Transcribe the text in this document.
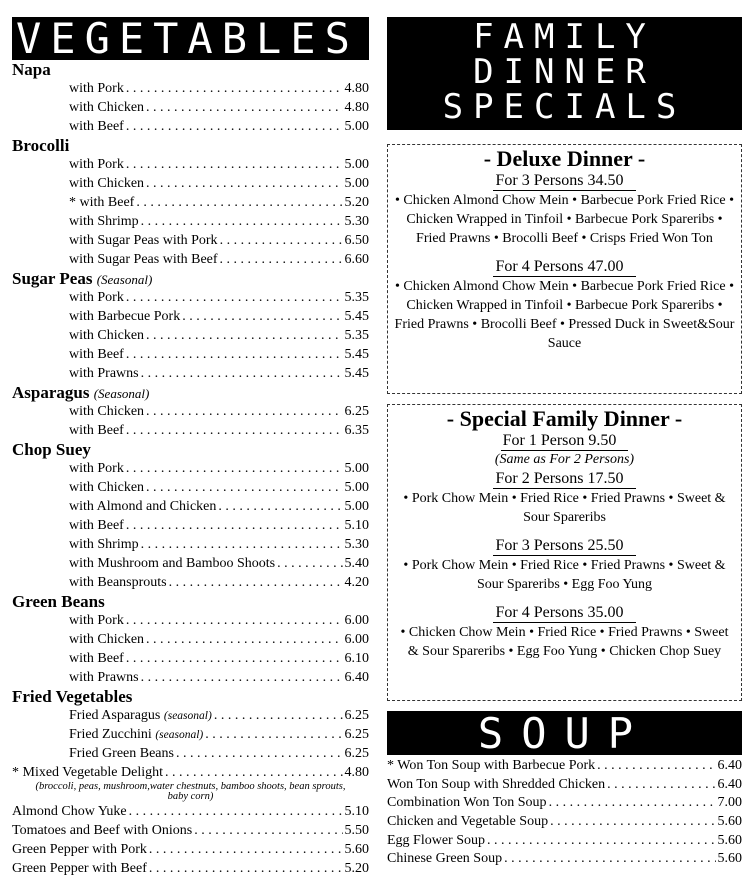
VEGETABLES
Napa
with Pork . . .	4.80
with Chicken . . .	4.80
with Beef . . .	5.00
Brocolli
with Pork . . .	5.00
with Chicken . . .	5.00
* with Beef . . .	5.20
with Shrimp . . .	5.30
with Sugar Peas with Pork . . .	6.50
with Sugar Peas with Beef . . .	6.60
Sugar Peas (Seasonal)
with Pork . . .	5.35
with Barbecue Pork . . .	5.45
with Chicken . . .	5.35
with Beef . . .	5.45
with Prawns . . .	5.45
Asparagus (Seasonal)
with Chicken . . .	6.25
with Beef . . .	6.35
Chop Suey
with Pork . . .	5.00
with Chicken . . .	5.00
with Almond and Chicken . . .	5.00
with Beef . . .	5.10
with Shrimp . . .	5.30
with Mushroom and Bamboo Shoots . . .	5.40
with Beansprouts . . .	4.20
Green Beans
with Pork . . .	6.00
with Chicken . . .	6.00
with Beef . . .	6.10
with Prawns . . .	6.40
Fried Vegetables
Fried Asparagus (seasonal) . . .	6.25
Fried Zucchini (seasonal) . . .	6.25
Fried Green Beans . . .	6.25
* Mixed Vegetable Delight . . .	4.80
(broccoli, peas, mushroom,water chestnuts, bamboo shoots, bean sprouts, baby corn)
Almond Chow Yuke . . .	5.10
Tomatoes and Beef with Onions . . .	5.50
Green Pepper with Pork . . .	5.60
Green Pepper with Beef . . .	5.20
FAMILY
DINNER
SPECIALS
- Deluxe Dinner -
For 3 Persons 34.50
• Chicken Almond Chow Mein • Barbecue Pork Fried Rice • Chicken Wrapped in Tinfoil • Barbecue Pork Spareribs • Fried Prawns • Brocolli Beef • Crisps Fried Won Ton
For 4 Persons 47.00
• Chicken Almond Chow Mein • Barbecue Pork Fried Rice • Chicken Wrapped in Tinfoil • Barbecue Pork Spareribs • Fried Prawns • Brocolli Beef • Pressed Duck in Sweet&Sour Sauce
- Special Family Dinner -
For 1 Person 9.50
(Same as For 2 Persons)
For 2 Persons 17.50
• Pork Chow Mein • Fried Rice • Fried Prawns • Sweet & Sour Spareribs
For 3 Persons 25.50
• Pork Chow Mein • Fried Rice • Fried Prawns • Sweet & Sour Spareribs • Egg Foo Yung
For 4 Persons 35.00
• Chicken Chow Mein • Fried Rice • Fried Prawns • Sweet & Sour Spareribs • Egg Foo Yung • Chicken Chop Suey
SOUP
* Won Ton Soup with Barbecue Pork . . .	6.40
Won Ton Soup with Shredded Chicken . . .	6.40
Combination Won Ton Soup . . .	7.00
Chicken and Vegetable Soup . . .	5.60
Egg Flower Soup . . .	5.60
Chinese Green Soup . . .	5.60
